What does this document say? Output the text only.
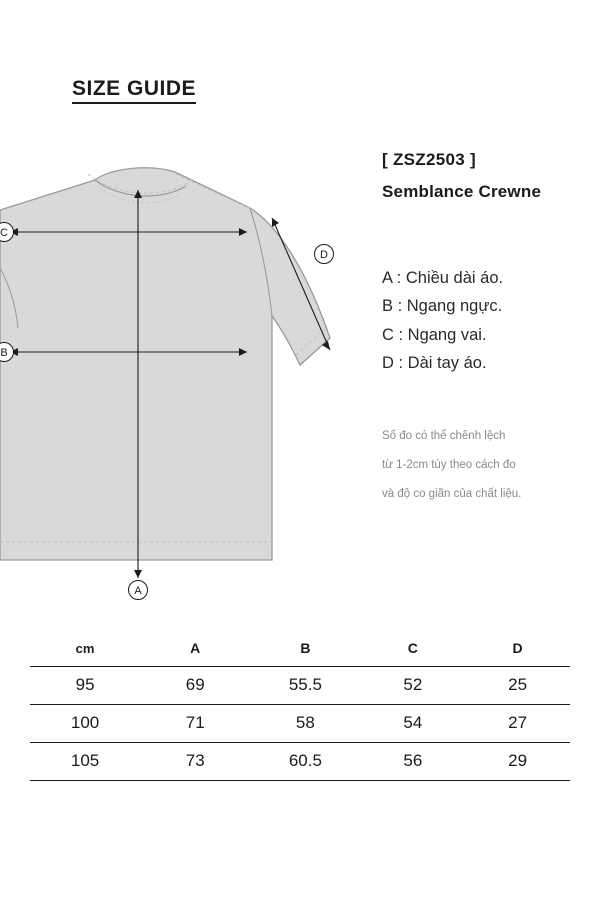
SIZE GUIDE
C
B
A
D
[ ZSZ2503 ]
Semblance Crewne
A : Chiều dài áo.
B : Ngang ngực.
C : Ngang vai.
D : Dài tay áo.
Số đo có thể chênh lệch
từ 1-2cm tùy theo cách đo
và độ co giãn của chất liệu.
cm	A	B	C	D
95	69	55.5	52	25
100	71	58	54	27
105	73	60.5	56	29
